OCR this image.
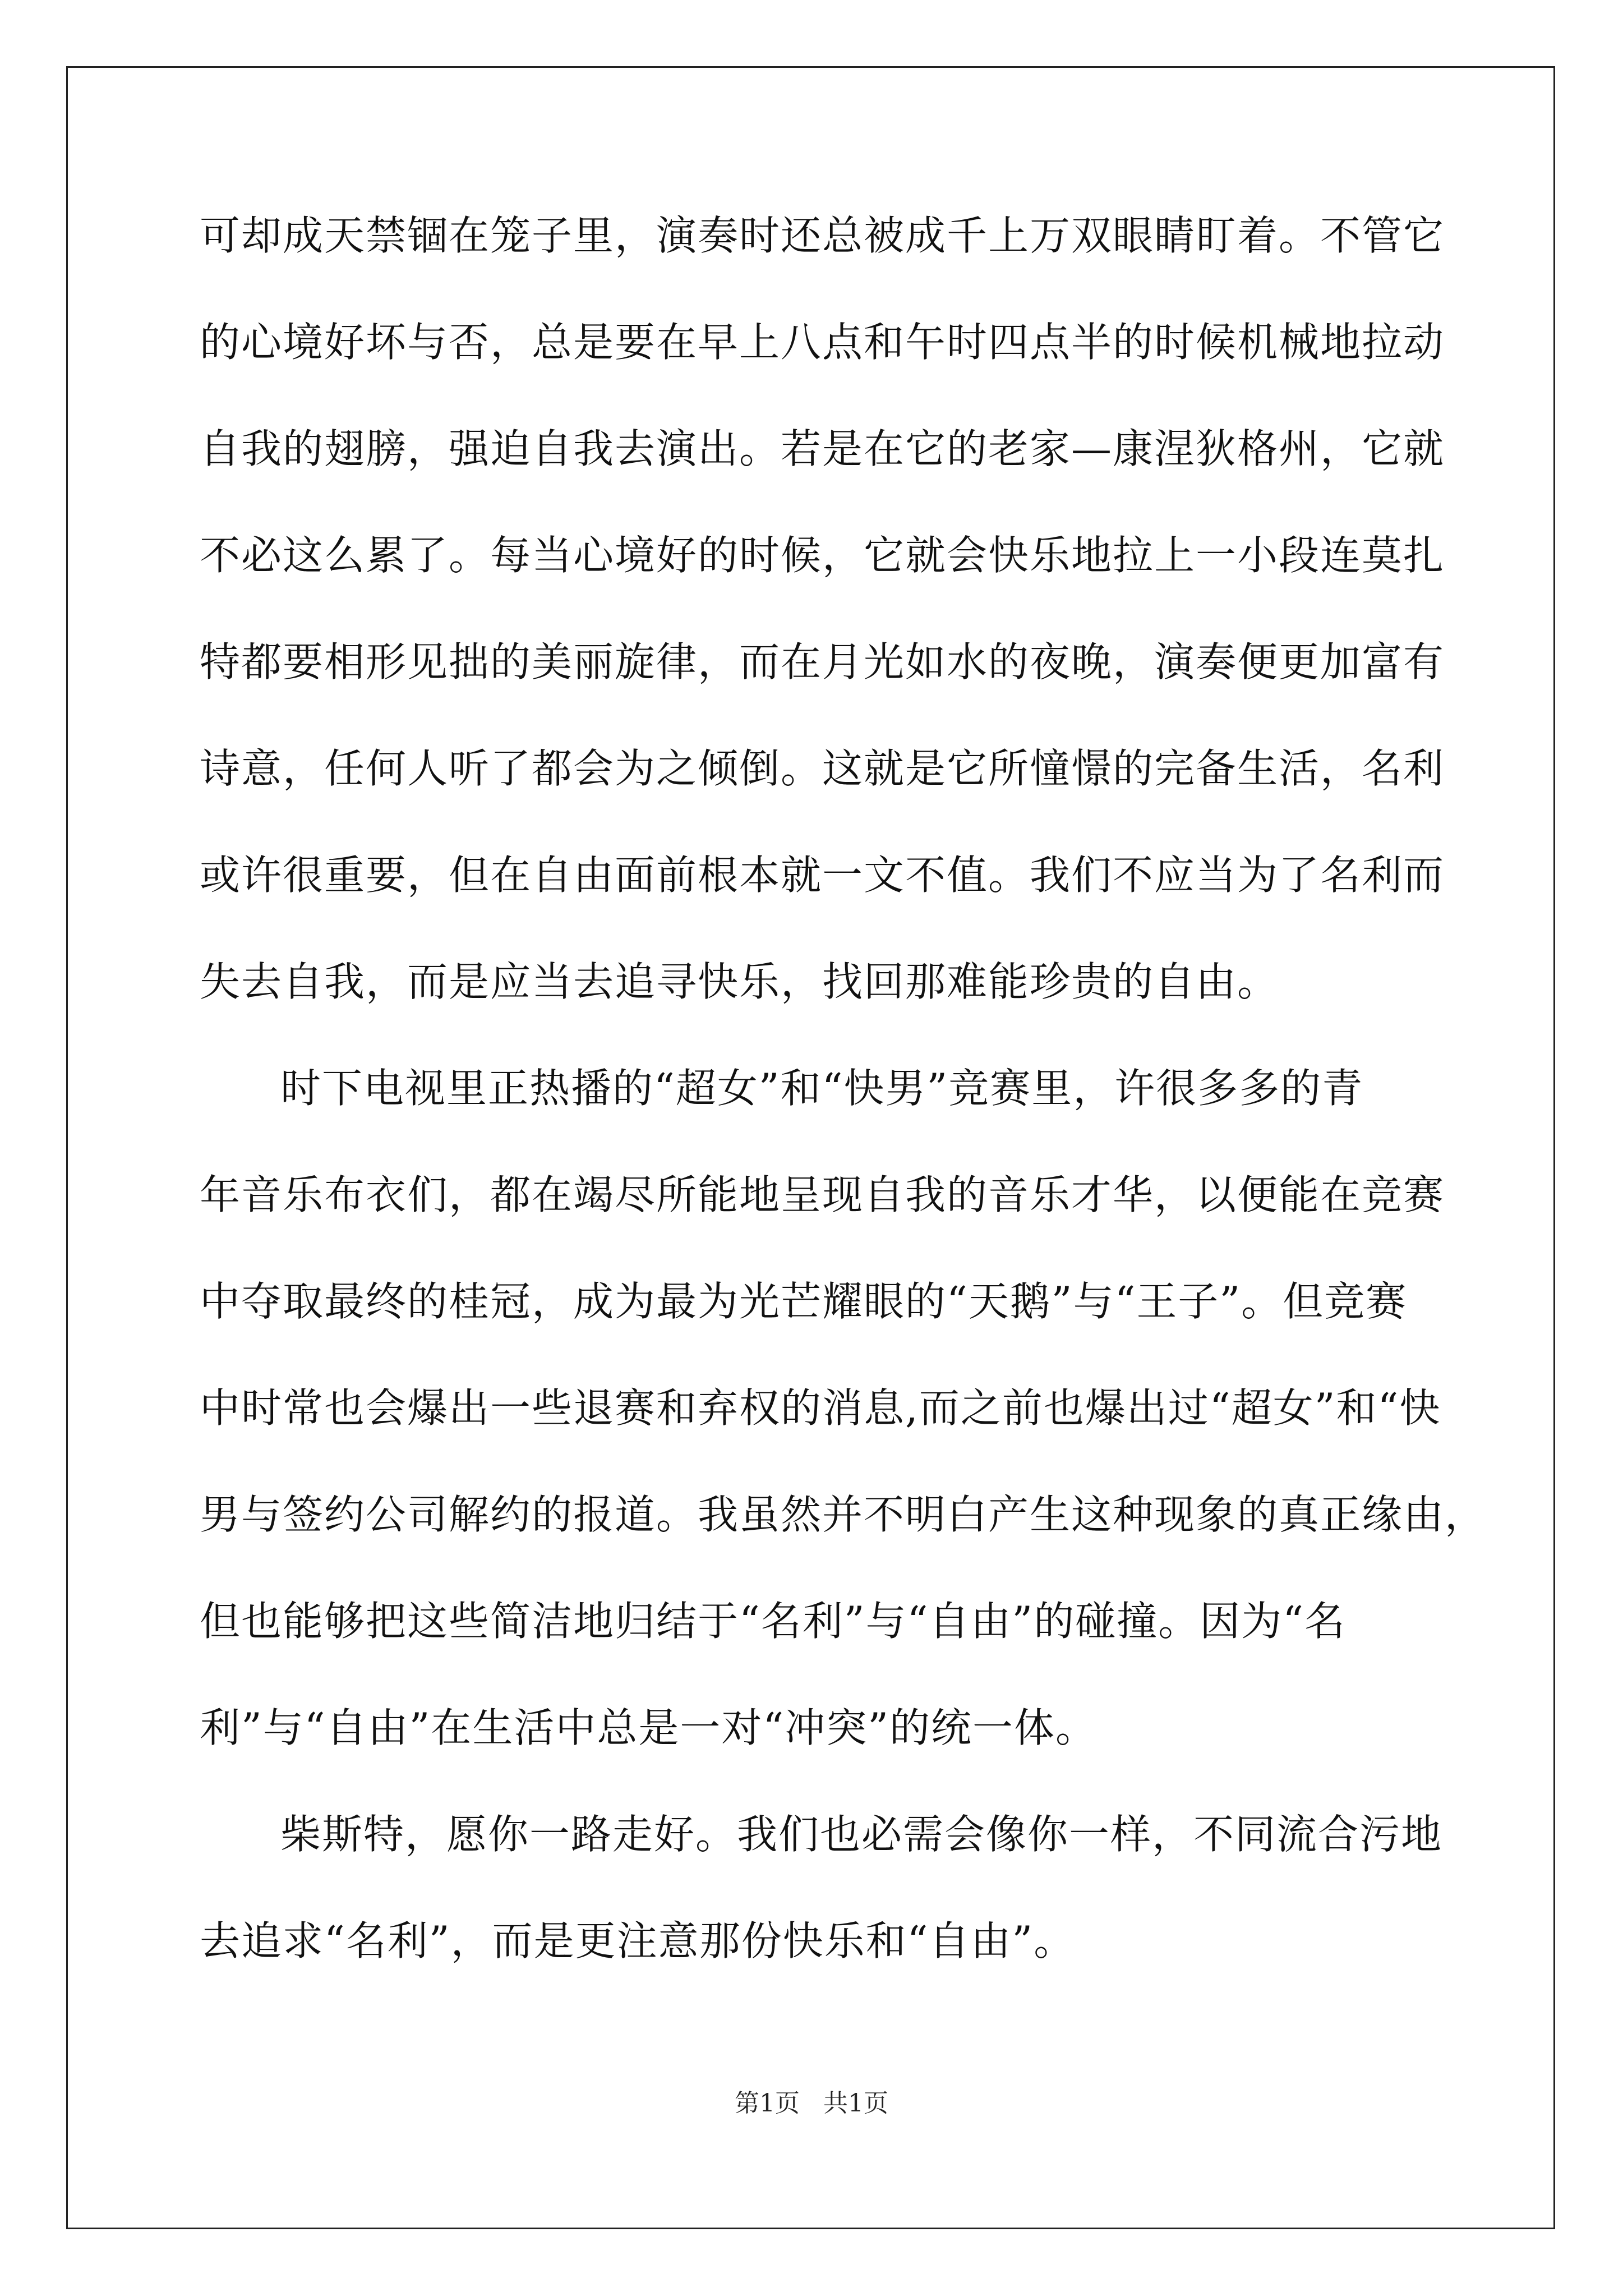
可却成天禁锢在笼子里，演奏时还总被成千上万双眼睛盯着。不管它
的心境好坏与否，总是要在早上八点和午时四点半的时候机械地拉动
自我的翅膀，强迫自我去演出。若是在它的老家—康涅狄格州，它就
不必这么累了。每当心境好的时候，它就会快乐地拉上一小段连莫扎
特都要相形见拙的美丽旋律，而在月光如水的夜晚，演奏便更加富有
诗意，任何人听了都会为之倾倒。这就是它所憧憬的完备生活，名利
或许很重要，但在自由面前根本就一文不值。我们不应当为了名利而
失去自我，而是应当去追寻快乐，找回那难能珍贵的自由。
时下电视里正热播的“超女”和“快男”竞赛里，许很多多的青
年音乐布衣们，都在竭尽所能地呈现自我的音乐才华，以便能在竞赛
中夺取最终的桂冠，成为最为光芒耀眼的“天鹅”与“王子”。但竞赛
中时常也会爆出一些退赛和弃权的消息,而之前也爆出过“超女”和“快
男与签约公司解约的报道。我虽然并不明白产生这种现象的真正缘由，
但也能够把这些简洁地归结于“名利”与“自由”的碰撞。因为“名
利”与“自由”在生活中总是一对“冲突”的统一体。
柴斯特，愿你一路走好。我们也必需会像你一样，不同流合污地
去追求“名利”，而是更注意那份快乐和“自由”。
第1页 共1页
